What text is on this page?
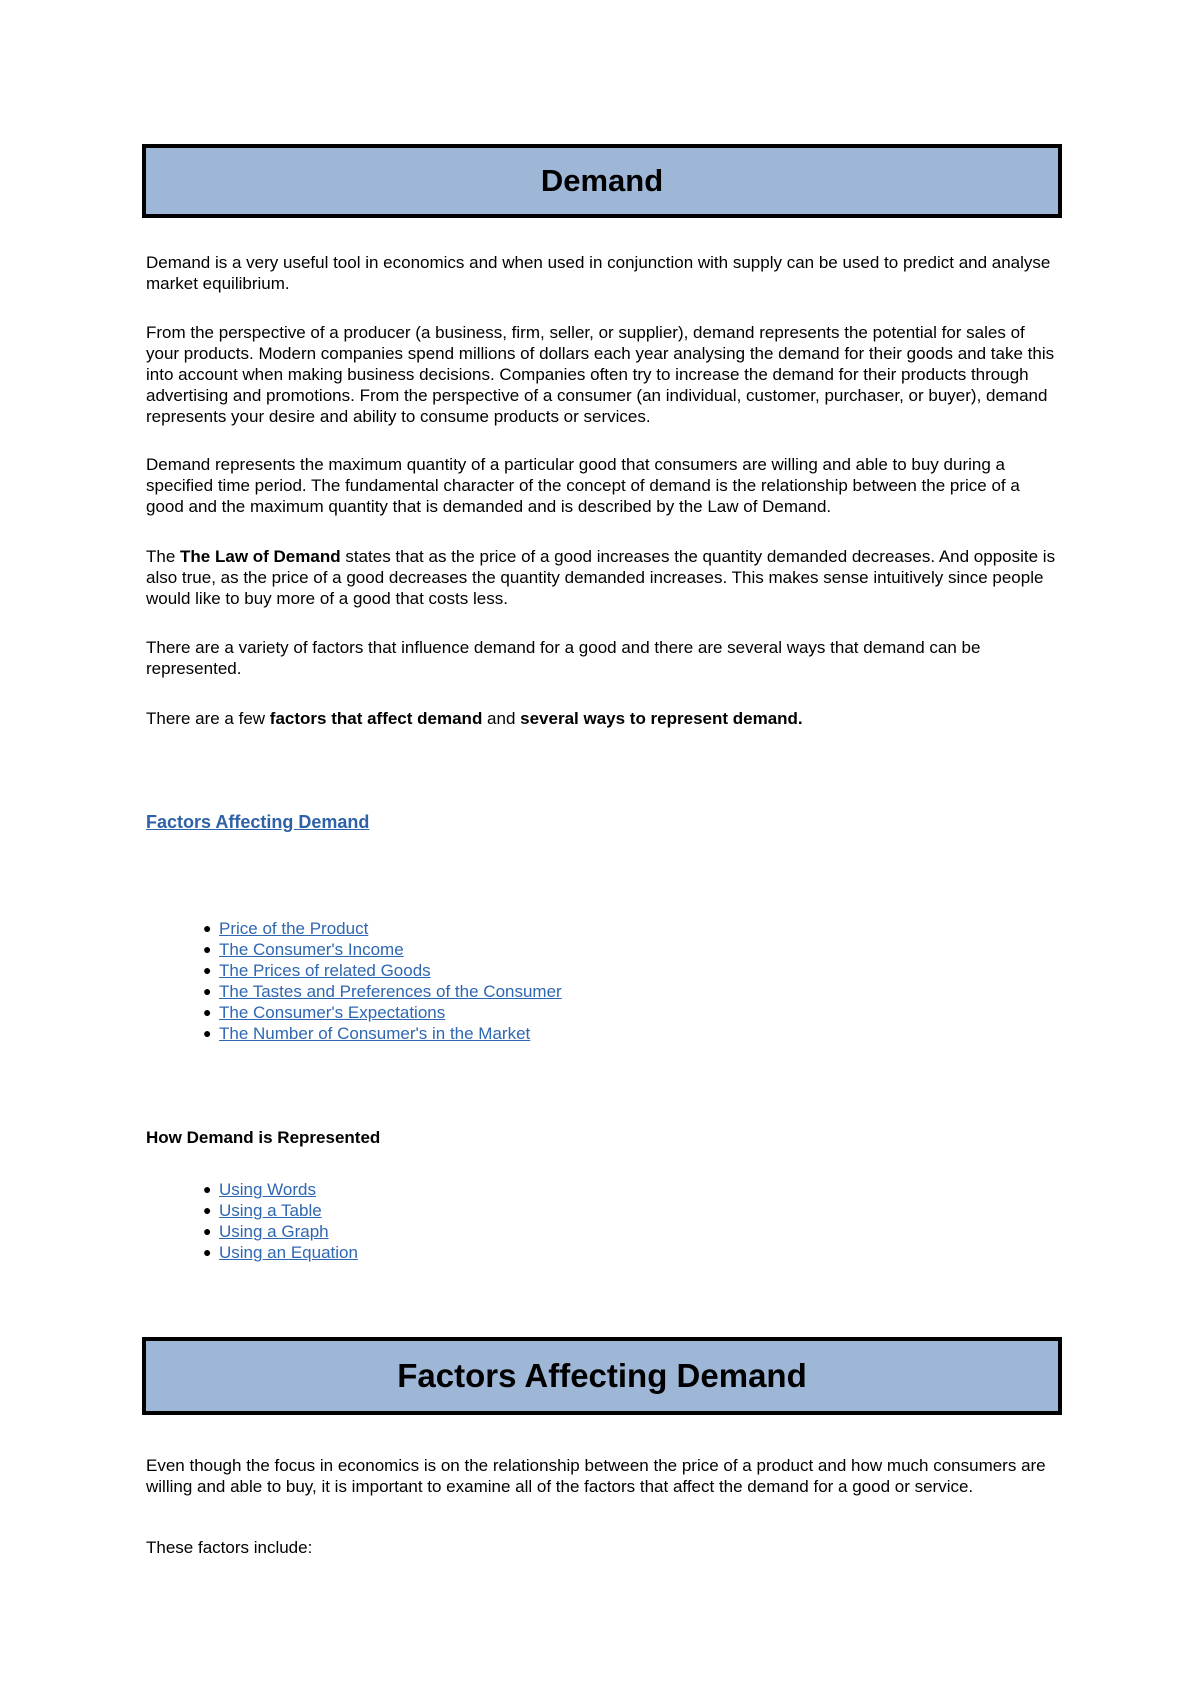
Demand

Demand is a very useful tool in economics and when used in conjunction with supply can be used to predict and analyse market equilibrium.

From the perspective of a producer (a business, firm, seller, or supplier), demand represents the potential for sales of your products. Modern companies spend millions of dollars each year analysing the demand for their goods and take this into account when making business decisions. Companies often try to increase the demand for their products through advertising and promotions. From the perspective of a consumer (an individual, customer, purchaser, or buyer), demand represents your desire and ability to consume products or services.

Demand represents the maximum quantity of a particular good that consumers are willing and able to buy during a specified time period. The fundamental character of the concept of demand is the relationship between the price of a good and the maximum quantity that is demanded and is described by the Law of Demand.

The The Law of Demand states that as the price of a good increases the quantity demanded decreases. And opposite is also true, as the price of a good decreases the quantity demanded increases. This makes sense intuitively since people would like to buy more of a good that costs less.

There are a variety of factors that influence demand for a good and there are several ways that demand can be represented.

There are a few factors that affect demand and several ways to represent demand.

Factors Affecting Demand
● Price of the Product
● The Consumer's Income
● The Prices of related Goods
● The Tastes and Preferences of the Consumer
● The Consumer's Expectations
● The Number of Consumer's in the Market
How Demand is Represented
● Using Words
● Using a Table
● Using a Graph
● Using an Equation
Factors Affecting Demand

Even though the focus in economics is on the relationship between the price of a product and how much consumers are willing and able to buy, it is important to examine all of the factors that affect the demand for a good or service.

These factors include:
